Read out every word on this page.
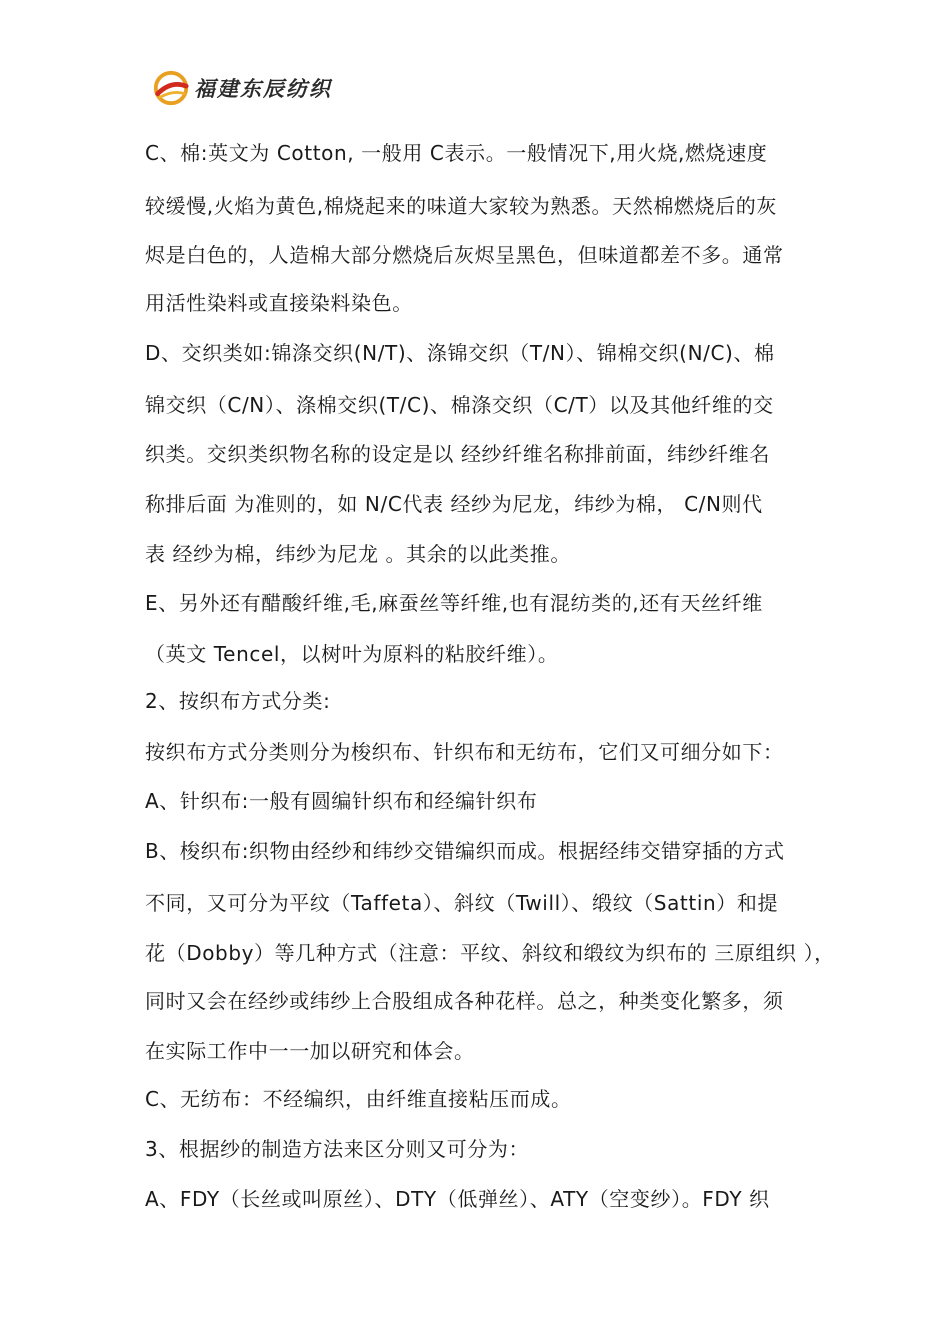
福建东辰纺织
C、棉:英文为 Cotton, 一般用 C表示。一般情况下,用火烧,燃烧速度
较缓慢,火焰为黄色,棉烧起来的味道大家较为熟悉。天然棉燃烧后的灰
烬是白色的，人造棉大部分燃烧后灰烬呈黑色，但味道都差不多。通常
用活性染料或直接染料染色。
D、交织类如:锦涤交织(N/T)、涤锦交织（T/N）、锦棉交织(N/C)、棉
锦交织（C/N）、涤棉交织(T/C)、棉涤交织（C/T）以及其他纤维的交
织类。交织类织物名称的设定是以 经纱纤维名称排前面，纬纱纤维名
称排后面 为准则的，如 N/C代表 经纱为尼龙，纬纱为棉， C/N则代
表 经纱为棉，纬纱为尼龙 。其余的以此类推。
E、另外还有醋酸纤维,毛,麻蚕丝等纤维,也有混纺类的,还有天丝纤维
（英文 Tencel，以树叶为原料的粘胶纤维）。
2、按织布方式分类:
按织布方式分类则分为梭织布、针织布和无纺布，它们又可细分如下：
A、针织布:一般有圆编针织布和经编针织布
B、梭织布:织物由经纱和纬纱交错编织而成。根据经纬交错穿插的方式
不同，又可分为平纹（Taffeta）、斜纹（Twill）、缎纹（Sattin）和提
花（Dobby）等几种方式（注意：平纹、斜纹和缎纹为织布的 三原组织 ），
同时又会在经纱或纬纱上合股组成各种花样。总之，种类变化繁多，须
在实际工作中一一加以研究和体会。
C、无纺布：不经编织，由纤维直接粘压而成。
3、根据纱的制造方法来区分则又可分为：
A、FDY（长丝或叫原丝）、DTY（低弹丝）、ATY（空变纱）。FDY 织
